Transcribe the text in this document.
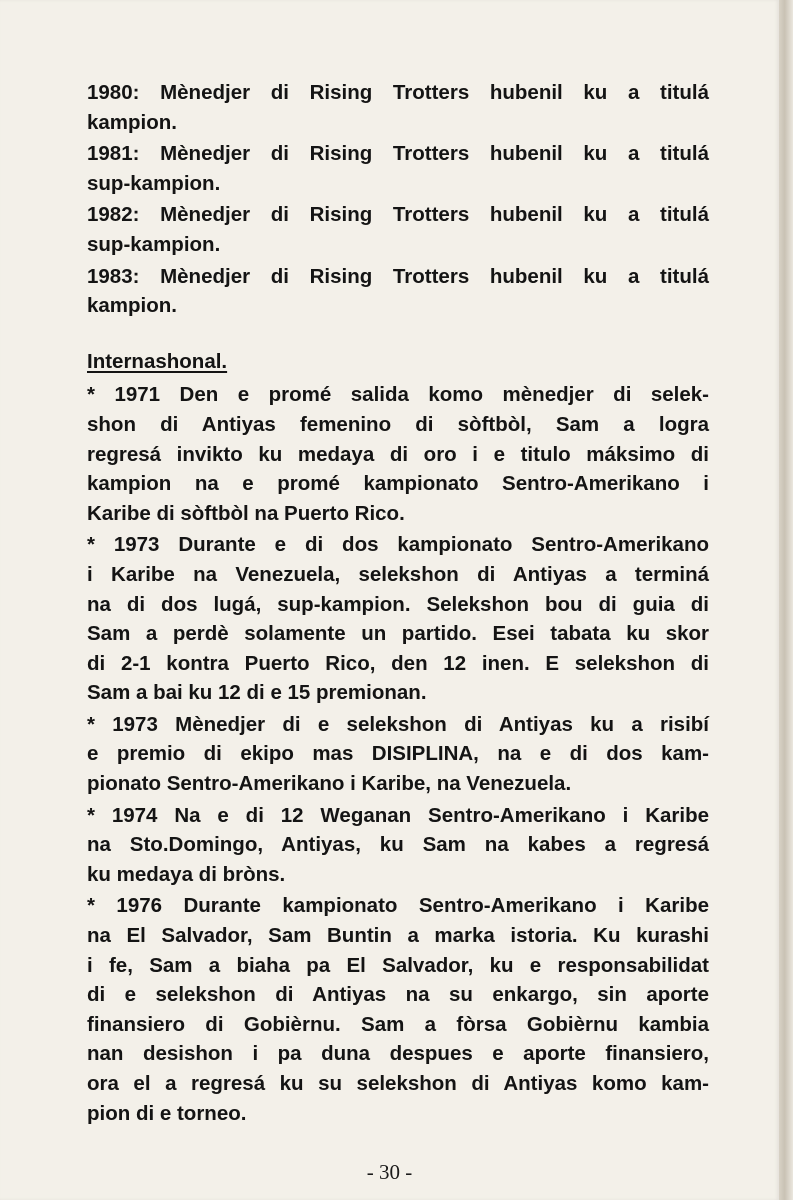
1980: Mènedjer di Rising Trotters hubenil ku a titulá
kampion.
1981: Mènedjer di Rising Trotters hubenil ku a titulá
sup-kampion.
1982: Mènedjer di Rising Trotters hubenil ku a titulá
sup-kampion.
1983: Mènedjer di Rising Trotters hubenil ku a titulá
kampion.
Internashonal.
* 1971 Den e promé salida komo mènedjer di selek-
shon di Antiyas femenino di sòftbòl, Sam a logra
regresá invikto ku medaya di oro i e titulo máksimo di
kampion na e promé kampionato Sentro-Amerikano i
Karibe di sòftbòl na Puerto Rico.
* 1973 Durante e di dos kampionato Sentro-Amerikano
i Karibe na Venezuela, selekshon di Antiyas a terminá
na di dos lugá, sup-kampion. Selekshon bou di guia di
Sam a perdè solamente un partido. Esei tabata ku skor
di 2-1 kontra Puerto Rico, den 12 inen. E selekshon di
Sam a bai ku 12 di e 15 premionan.
* 1973 Mènedjer di e selekshon di Antiyas ku a risibí
e premio di ekipo mas DISIPLINA, na e di dos kam-
pionato Sentro-Amerikano i Karibe, na Venezuela.
* 1974 Na e di 12 Weganan Sentro-Amerikano i Karibe
na Sto.Domingo, Antiyas, ku Sam na kabes a regresá
ku medaya di bròns.
* 1976 Durante kampionato Sentro-Amerikano i Karibe
na El Salvador, Sam Buntin a marka istoria. Ku kurashi
i fe, Sam a biaha pa El Salvador, ku e responsabilidat
di e selekshon di Antiyas na su enkargo, sin aporte
finansiero di Gobièrnu. Sam a fòrsa Gobièrnu kambia
nan desishon i pa duna despues e aporte finansiero,
ora el a regresá ku su selekshon di Antiyas komo kam-
pion di e torneo.
- 30 -
